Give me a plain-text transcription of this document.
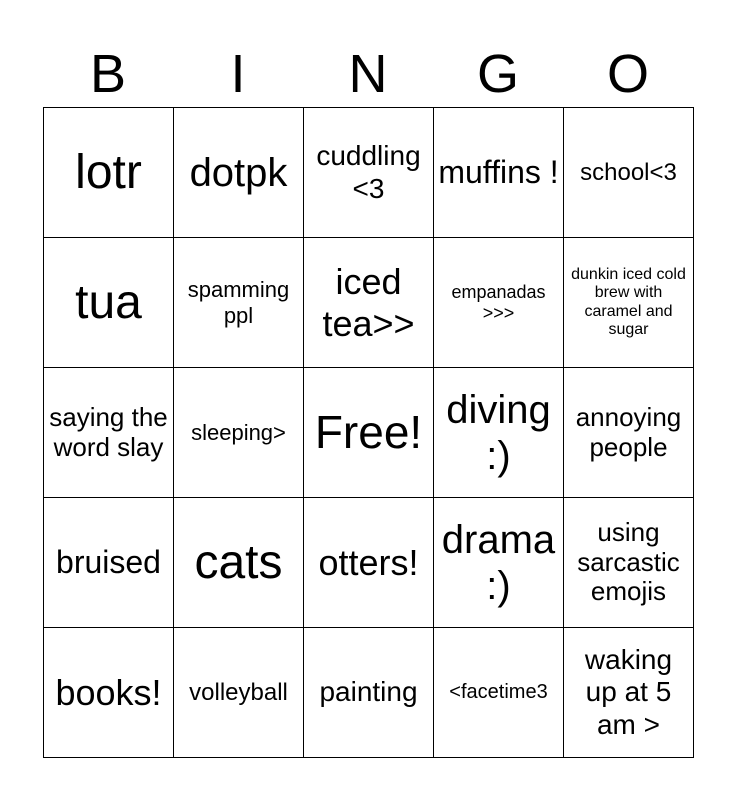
B	I	N	G	O
lotr	dotpk	cuddling <3	muffins !	school<3
tua	spamming ppl	iced tea>>	empanadas >>>	dunkin iced cold brew with caramel and sugar
saying the word slay	sleeping>	Free!	diving :)	annoying people
bruised	cats	otters!	drama :)	using sarcastic emojis
books!	volleyball	painting	<facetime3	waking up at 5 am >
